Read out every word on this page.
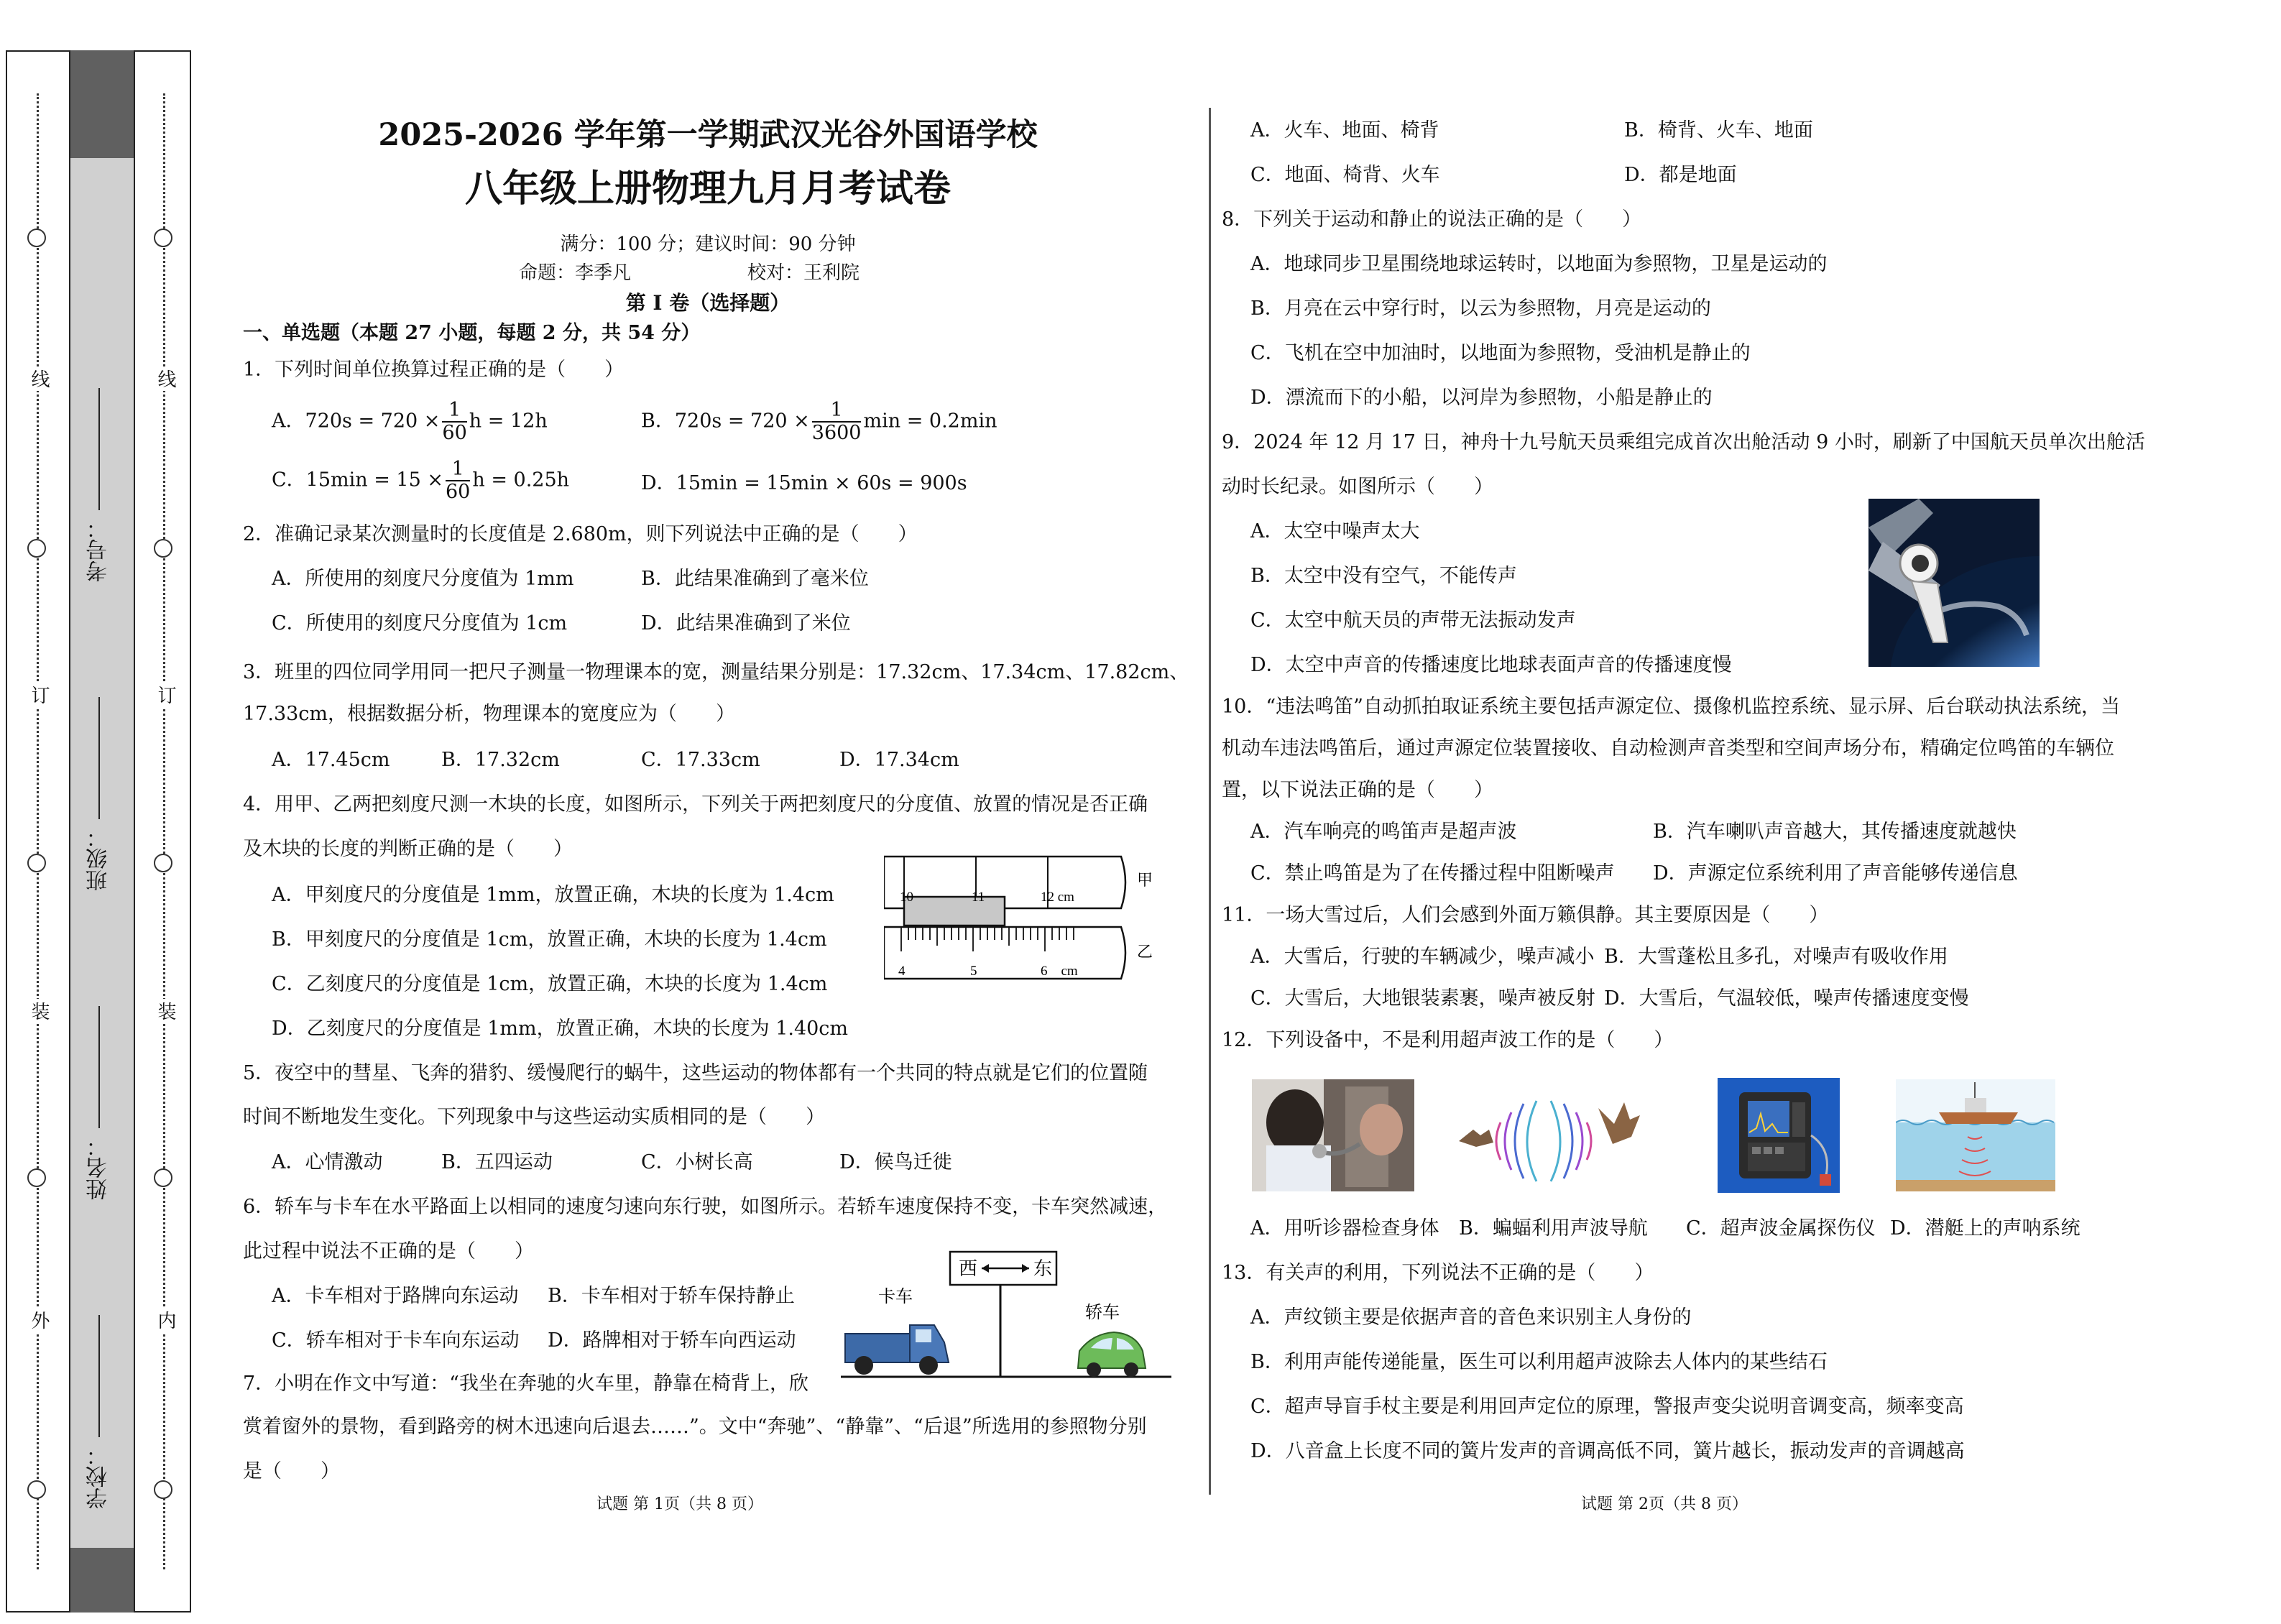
线
订
装
外
考号：
班级：
姓名：
学校：
线
订
装
内
2025-2026 学年第一学期武汉光谷外国语学校
八年级上册物理九月月考试卷
满分：100 分；建议时间：90 分钟
命题：李季凡	校对：王利院
第 I 卷（选择题）
一、单选题（本题 27 小题，每题 2 分，共 54 分）
1．下列时间单位换算过程正确的是（　　）
A．$720s = 720 \times \frac{1}{60}$ h = 12h	B．$720s = 720 \times \frac{1}{3600}$ min = 0.2min
C．$15\min = 15 \times \frac{1}{60}$ h = 0.25h	D．15min = 15min × 60s = 900s
2．准确记录某次测量时的长度值是 2.680m，则下列说法中正确的是（　　）
A．所使用的刻度尺分度值为 1mm	B．此结果准确到了毫米位
C．所使用的刻度尺分度值为 1cm	D．此结果准确到了米位
3．班里的四位同学用同一把尺子测量一物理课本的宽，测量结果分别是：17.32cm、17.34cm、17.82cm、
17.33cm，根据数据分析，物理课本的宽度应为（　　）
A．17.45cm	B．17.32cm	C．17.33cm	D．17.34cm
4．用甲、乙两把刻度尺测一木块的长度，如图所示，下列关于两把刻度尺的分度值、放置的情况是否正确
及木块的长度的判断正确的是（　　）
A．甲刻度尺的分度值是 1mm，放置正确，木块的长度为 1.4cm
B．甲刻度尺的分度值是 1cm，放置正确，木块的长度为 1.4cm
C．乙刻度尺的分度值是 1cm，放置正确，木块的长度为 1.4cm
D．乙刻度尺的分度值是 1mm，放置正确，木块的长度为 1.40cm
10	11	12 cm
甲
4	5	6　cm
乙
5．夜空中的彗星、飞奔的猎豹、缓慢爬行的蜗牛，这些运动的物体都有一个共同的特点就是它们的位置随
时间不断地发生变化。下列现象中与这些运动实质相同的是（　　）
A．心情激动	B．五四运动	C．小树长高	D．候鸟迁徙
6．轿车与卡车在水平路面上以相同的速度匀速向东行驶，如图所示。若轿车速度保持不变，卡车突然减速，
此过程中说法不正确的是（　　）
A．卡车相对于路牌向东运动 B．卡车相对于轿车保持静止
C．轿车相对于卡车向东运动 D．路牌相对于轿车向西运动
西	东
卡车
轿车
7．小明在作文中写道：“我坐在奔驰的火车里，静靠在椅背上，欣
赏着窗外的景物，看到路旁的树木迅速向后退去……”。文中“奔驰”、“静靠”、“后退”所选用的参照物分别
是（　　）
试题 第 1页（共 8 页）
A．火车、地面、椅背	B．椅背、火车、地面
C．地面、椅背、火车	D．都是地面
8．下列关于运动和静止的说法正确的是（　　）
A．地球同步卫星围绕地球运转时，以地面为参照物，卫星是运动的
B．月亮在云中穿行时，以云为参照物，月亮是运动的
C．飞机在空中加油时，以地面为参照物，受油机是静止的
D．漂流而下的小船，以河岸为参照物，小船是静止的
9．2024 年 12 月 17 日，神舟十九号航天员乘组完成首次出舱活动 9 小时，刷新了中国航天员单次出舱活
动时长纪录。如图所示（　　）
A．太空中噪声太大
B．太空中没有空气，不能传声
C．太空中航天员的声带无法振动发声
D．太空中声音的传播速度比地球表面声音的传播速度慢
10．“违法鸣笛”自动抓拍取证系统主要包括声源定位、摄像机监控系统、显示屏、后台联动执法系统，当
机动车违法鸣笛后，通过声源定位装置接收、自动检测声音类型和空间声场分布，精确定位鸣笛的车辆位
置，以下说法正确的是（　　）
A．汽车响亮的鸣笛声是超声波	B．汽车喇叭声音越大，其传播速度就越快
C．禁止鸣笛是为了在传播过程中阻断噪声 D．声源定位系统利用了声音能够传递信息
11．一场大雪过后，人们会感到外面万籁俱静。其主要原因是（　　）
A．大雪后，行驶的车辆减少，噪声减小 B．大雪蓬松且多孔，对噪声有吸收作用
C．大雪后，大地银装素裹，噪声被反射 D．大雪后，气温较低，噪声传播速度变慢
12．下列设备中，不是利用超声波工作的是（　　）
A．用听诊器检查身体 B．蝙蝠利用声波导航 C．超声波金属探伤仪 D．潜艇上的声呐系统
13．有关声的利用，下列说法不正确的是（　　）
A．声纹锁主要是依据声音的音色来识别主人身份的
B．利用声能传递能量，医生可以利用超声波除去人体内的某些结石
C．超声导盲手杖主要是利用回声定位的原理，警报声变尖说明音调变高，频率变高
D．八音盒上长度不同的簧片发声的音调高低不同，簧片越长，振动发声的音调越高
试题 第 2页（共 8 页）
